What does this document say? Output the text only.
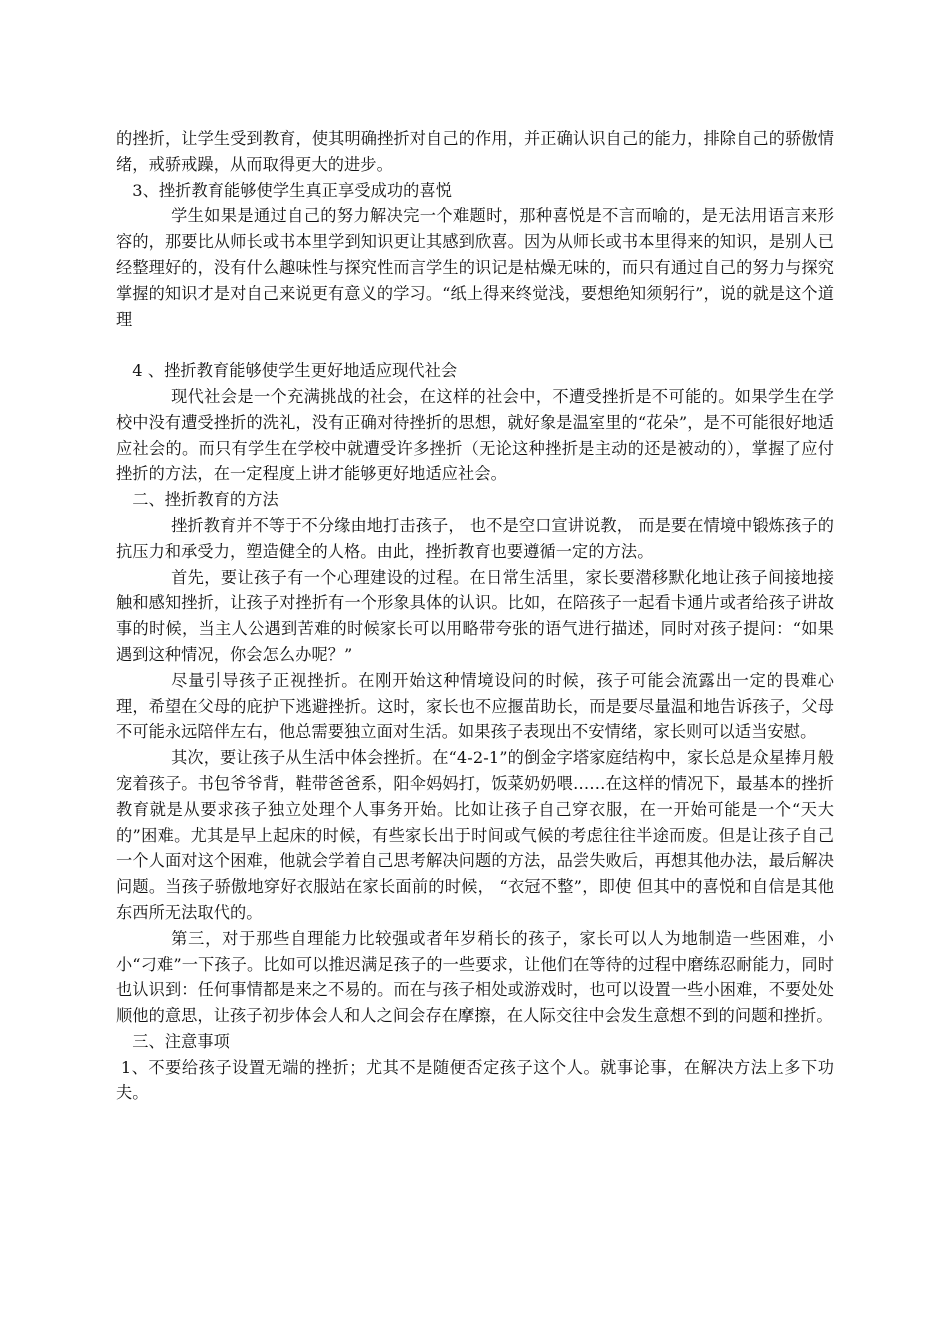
的挫折，让学生受到教育，使其明确挫折对自己的作用，并正确认识自己的能力，排除自己的骄傲情绪，戒骄戒躁，从而取得更大的进步。

3、挫折教育能够使学生真正享受成功的喜悦

学生如果是通过自己的努力解决完一个难题时，那种喜悦是不言而喻的，是无法用语言来形容的，那要比从师长或书本里学到知识更让其感到欣喜。因为从师长或书本里得来的知识，是别人已经整理好的，没有什么趣味性与探究性而言学生的识记是枯燥无味的，而只有通过自己的努力与探究掌握的知识才是对自己来说更有意义的学习。“纸上得来终觉浅，要想绝知须躬行”，说的就是这个道理

4 、挫折教育能够使学生更好地适应现代社会

现代社会是一个充满挑战的社会，在这样的社会中，不遭受挫折是不可能的。如果学生在学校中没有遭受挫折的洗礼，没有正确对待挫折的思想，就好象是温室里的“花朵”，是不可能很好地适应社会的。而只有学生在学校中就遭受许多挫折（无论这种挫折是主动的还是被动的），掌握了应付挫折的方法，在一定程度上讲才能够更好地适应社会。

二、挫折教育的方法

挫折教育并不等于不分缘由地打击孩子， 也不是空口宣讲说教， 而是要在情境中锻炼孩子的抗压力和承受力，塑造健全的人格。由此，挫折教育也要遵循一定的方法。

首先，要让孩子有一个心理建设的过程。在日常生活里，家长要潜移默化地让孩子间接地接触和感知挫折，让孩子对挫折有一个形象具体的认识。比如，在陪孩子一起看卡通片或者给孩子讲故事的时候，当主人公遇到苦难的时候家长可以用略带夸张的语气进行描述，同时对孩子提问：“如果遇到这种情况，你会怎么办呢？”

尽量引导孩子正视挫折。在刚开始这种情境设问的时候，孩子可能会流露出一定的畏难心理，希望在父母的庇护下逃避挫折。这时，家长也不应揠苗助长，而是要尽量温和地告诉孩子，父母不可能永远陪伴左右，他总需要独立面对生活。如果孩子表现出不安情绪，家长则可以适当安慰。

其次，要让孩子从生活中体会挫折。在“4-2-1”的倒金字塔家庭结构中，家长总是众星捧月般宠着孩子。书包爷爷背，鞋带爸爸系，阳伞妈妈打，饭菜奶奶喂……在这样的情况下，最基本的挫折教育就是从要求孩子独立处理个人事务开始。比如让孩子自己穿衣服，在一开始可能是一个“天大的”困难。尤其是早上起床的时候，有些家长出于时间或气候的考虑往往半途而废。但是让孩子自己一个人面对这个困难，他就会学着自己思考解决问题的方法，品尝失败后，再想其他办法，最后解决问题。当孩子骄傲地穿好衣服站在家长面前的时候， “衣冠不整”，即使 但其中的喜悦和自信是其他东西所无法取代的。

第三，对于那些自理能力比较强或者年岁稍长的孩子，家长可以人为地制造一些困难，小小“刁难”一下孩子。比如可以推迟满足孩子的一些要求，让他们在等待的过程中磨练忍耐能力，同时也认识到：任何事情都是来之不易的。而在与孩子相处或游戏时，也可以设置一些小困难，不要处处顺他的意思，让孩子初步体会人和人之间会存在摩擦，在人际交往中会发生意想不到的问题和挫折。

三、注意事项

1、不要给孩子设置无端的挫折；尤其不是随便否定孩子这个人。就事论事，在解决方法上多下功夫。
